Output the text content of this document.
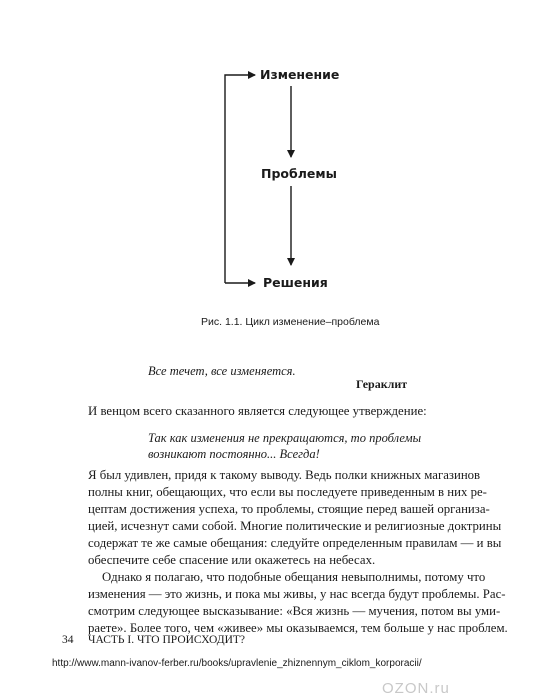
Изменение
Проблемы
Решения
Рис. 1.1. Цикл изменение–проблема
Все течет, все изменяется.
Гераклит
И венцом всего сказанного является следующее утверждение:
Так как изменения не прекращаются, то проблемы
возникают постоянно... Всегда!
Я был удивлен, придя к такому выводу. Ведь полки книжных магазинов
полны книг, обещающих, что если вы последуете приведенным в них ре-
цептам достижения успеха, то проблемы, стоящие перед вашей организа-
цией, исчезнут сами собой. Многие политические и религиозные доктрины
содержат те же самые обещания: следуйте определенным правилам — и вы
обеспечите себе спасение или окажетесь на небесах.
Однако я полагаю, что подобные обещания невыполнимы, потому что
изменения — это жизнь, и пока мы живы, у нас всегда будут проблемы. Рас-
смотрим следующее высказывание: «Вся жизнь — мучения, потом вы уми-
раете». Более того, чем «живее» мы оказываемся, тем больше у нас проблем.
34 ЧАСТЬ I. ЧТО ПРОИСХОДИТ?
http://www.mann-ivanov-ferber.ru/books/upravlenie_zhiznennym_ciklom_korporacii/
OZON.ru
